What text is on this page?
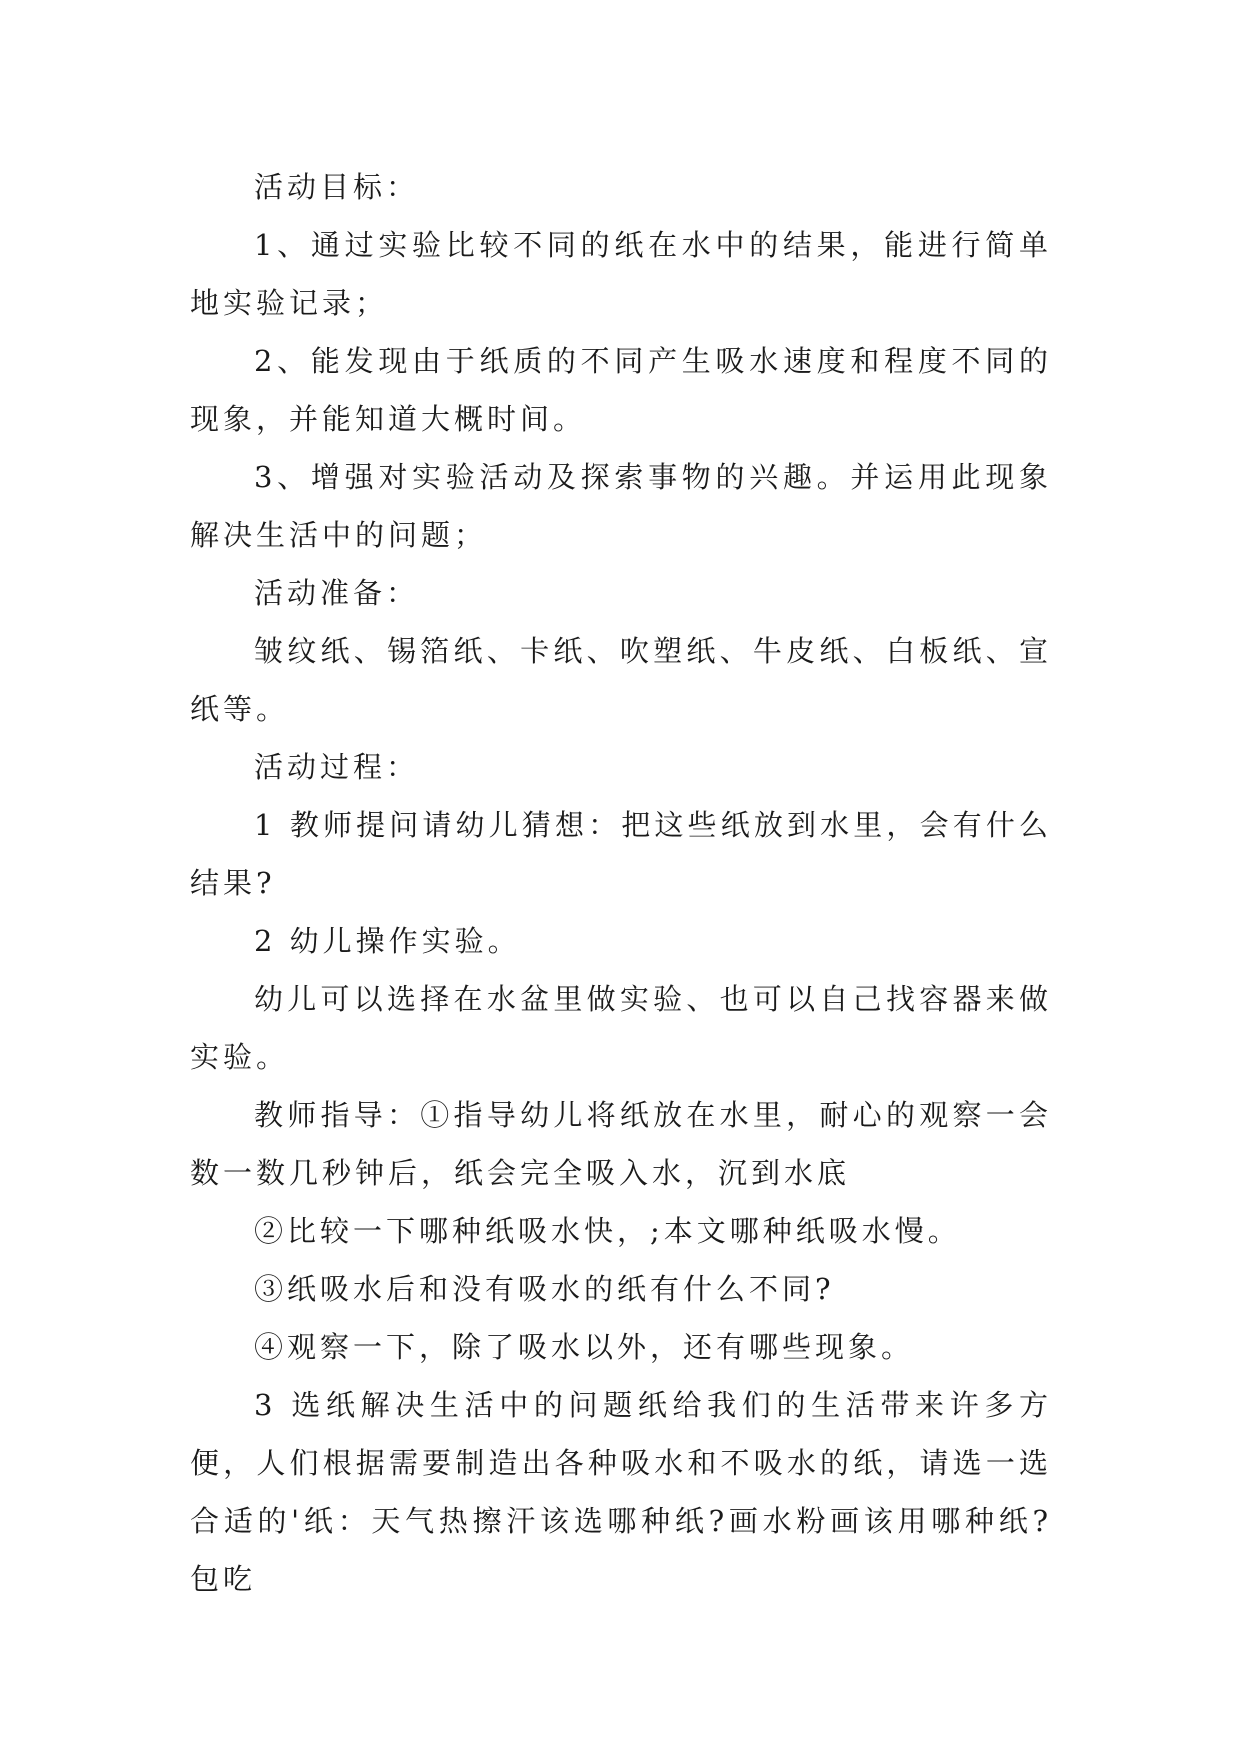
活动目标：

1、通过实验比较不同的纸在水中的结果，能进行简单地实验记录；

2、能发现由于纸质的不同产生吸水速度和程度不同的现象，并能知道大概时间。

3、增强对实验活动及探索事物的兴趣。并运用此现象解决生活中的问题；

活动准备：

皱纹纸、锡箔纸、卡纸、吹塑纸、牛皮纸、白板纸、宣纸等。

活动过程：

1 教师提问请幼儿猜想：把这些纸放到水里，会有什么结果?

2 幼儿操作实验。

幼儿可以选择在水盆里做实验、也可以自己找容器来做实验。

教师指导：①指导幼儿将纸放在水里，耐心的观察一会数一数几秒钟后，纸会完全吸入水，沉到水底

②比较一下哪种纸吸水快，;本文哪种纸吸水慢。

③纸吸水后和没有吸水的纸有什么不同?

④观察一下，除了吸水以外，还有哪些现象。

3 选纸解决生活中的问题纸给我们的生活带来许多方便，人们根据需要制造出各种吸水和不吸水的纸，请选一选合适的'纸：天气热擦汗该选哪种纸?画水粉画该用哪种纸?包吃
